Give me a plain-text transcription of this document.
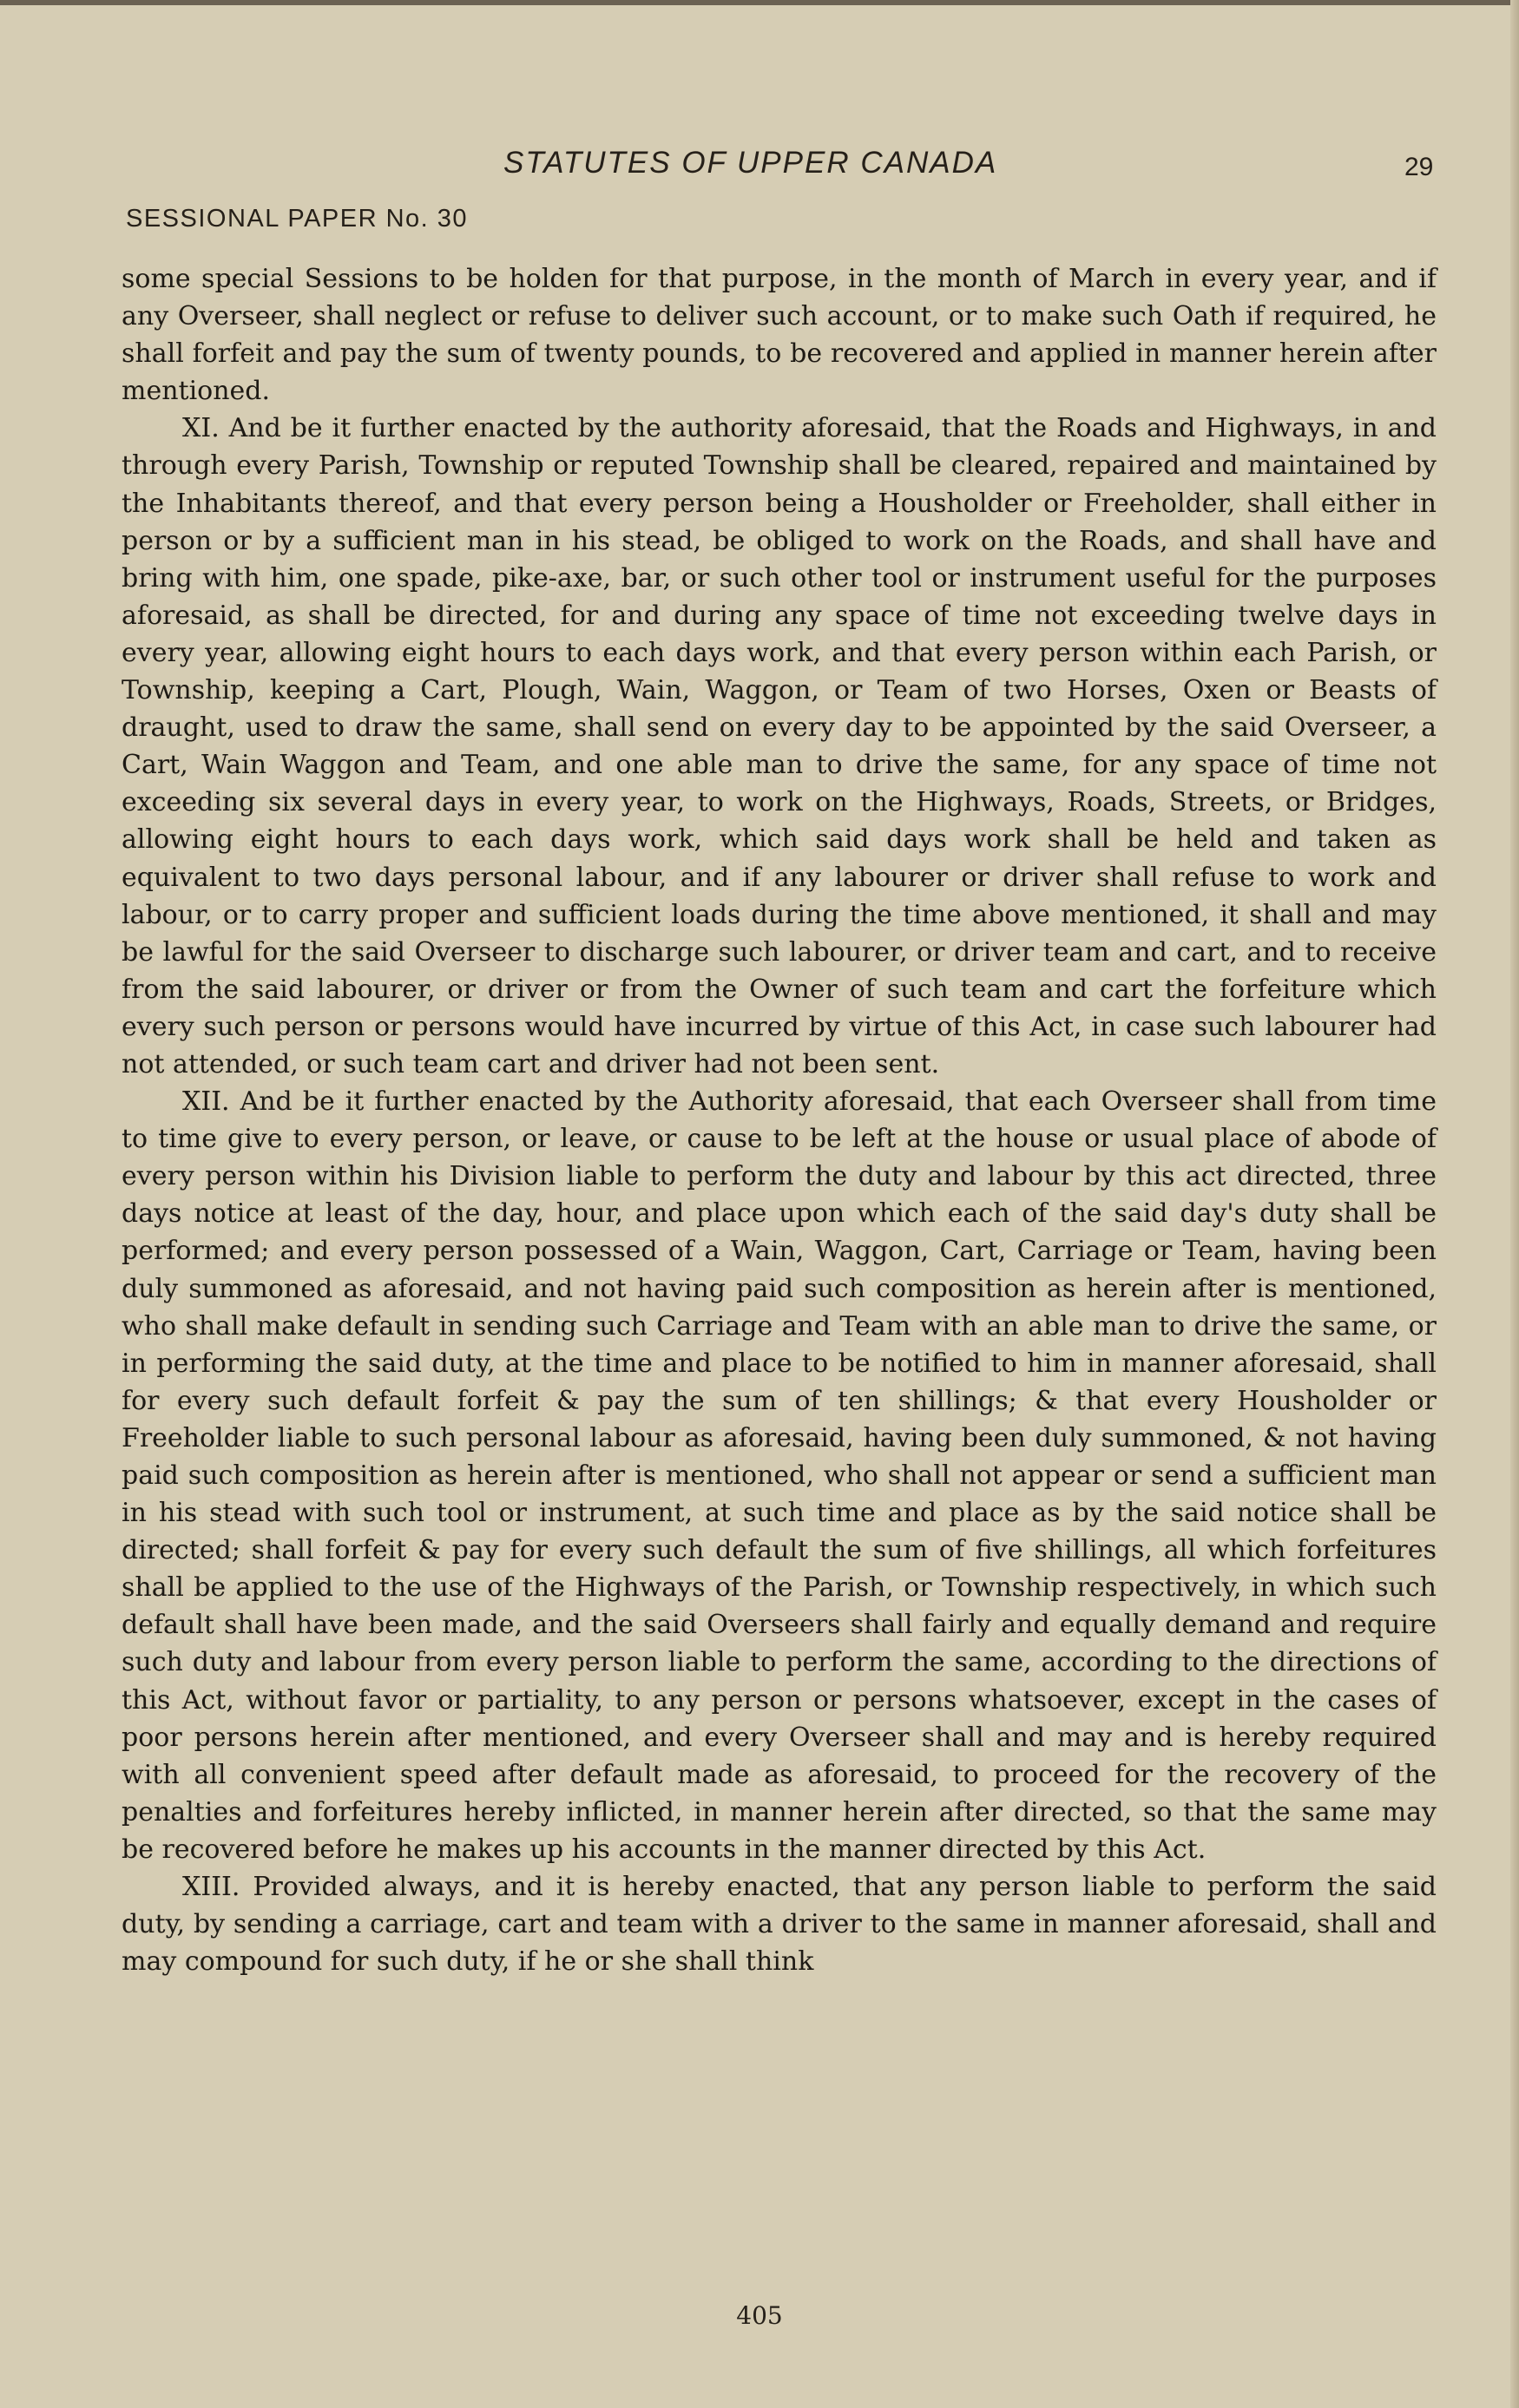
STATUTES OF UPPER CANADA	29
SESSIONAL PAPER No. 30

some special Sessions to be holden for that purpose, in the month of March in every year, and if any Overseer, shall neglect or refuse to deliver such account, or to make such Oath if required, he shall forfeit and pay the sum of twenty pounds, to be recovered and applied in manner herein after mentioned.

XI. And be it further enacted by the authority aforesaid, that the Roads and Highways, in and through every Parish, Township or reputed Township shall be cleared, repaired and maintained by the Inhabitants thereof, and that every person being a Housholder or Freeholder, shall either in person or by a sufficient man in his stead, be obliged to work on the Roads, and shall have and bring with him, one spade, pike-axe, bar, or such other tool or instrument useful for the purposes aforesaid, as shall be directed, for and during any space of time not exceeding twelve days in every year, allowing eight hours to each days work, and that every person within each Parish, or Township, keeping a Cart, Plough, Wain, Waggon, or Team of two Horses, Oxen or Beasts of draught, used to draw the same, shall send on every day to be appointed by the said Overseer, a Cart, Wain Waggon and Team, and one able man to drive the same, for any space of time not exceeding six several days in every year, to work on the Highways, Roads, Streets, or Bridges, allowing eight hours to each days work, which said days work shall be held and taken as equivalent to two days personal labour, and if any labourer or driver shall refuse to work and labour, or to carry proper and sufficient loads during the time above mentioned, it shall and may be lawful for the said Overseer to discharge such labourer, or driver team and cart, and to receive from the said labourer, or driver or from the Owner of such team and cart the forfeiture which every such person or persons would have incurred by virtue of this Act, in case such labourer had not attended, or such team cart and driver had not been sent.

XII. And be it further enacted by the Authority aforesaid, that each Overseer shall from time to time give to every person, or leave, or cause to be left at the house or usual place of abode of every person within his Division liable to perform the duty and labour by this act directed, three days notice at least of the day, hour, and place upon which each of the said day's duty shall be performed; and every person possessed of a Wain, Waggon, Cart, Carriage or Team, having been duly summoned as aforesaid, and not having paid such composition as herein after is mentioned, who shall make default in sending such Carriage and Team with an able man to drive the same, or in performing the said duty, at the time and place to be notified to him in manner aforesaid, shall for every such default forfeit & pay the sum of ten shillings; & that every Housholder or Freeholder liable to such personal labour as aforesaid, having been duly summoned, & not having paid such composition as herein after is mentioned, who shall not appear or send a sufficient man in his stead with such tool or instrument, at such time and place as by the said notice shall be directed; shall forfeit & pay for every such default the sum of five shillings, all which forfeitures shall be applied to the use of the Highways of the Parish, or Township respectively, in which such default shall have been made, and the said Overseers shall fairly and equally demand and require such duty and labour from every person liable to perform the same, according to the directions of this Act, without favor or partiality, to any person or persons whatsoever, except in the cases of poor persons herein after mentioned, and every Overseer shall and may and is hereby required with all convenient speed after default made as aforesaid, to proceed for the recovery of the penalties and forfeitures hereby inflicted, in manner herein after directed, so that the same may be recovered before he makes up his accounts in the manner directed by this Act.

XIII. Provided always, and it is hereby enacted, that any person liable to perform the said duty, by sending a carriage, cart and team with a driver to the same in manner aforesaid, shall and may compound for such duty, if he or she shall think

405
